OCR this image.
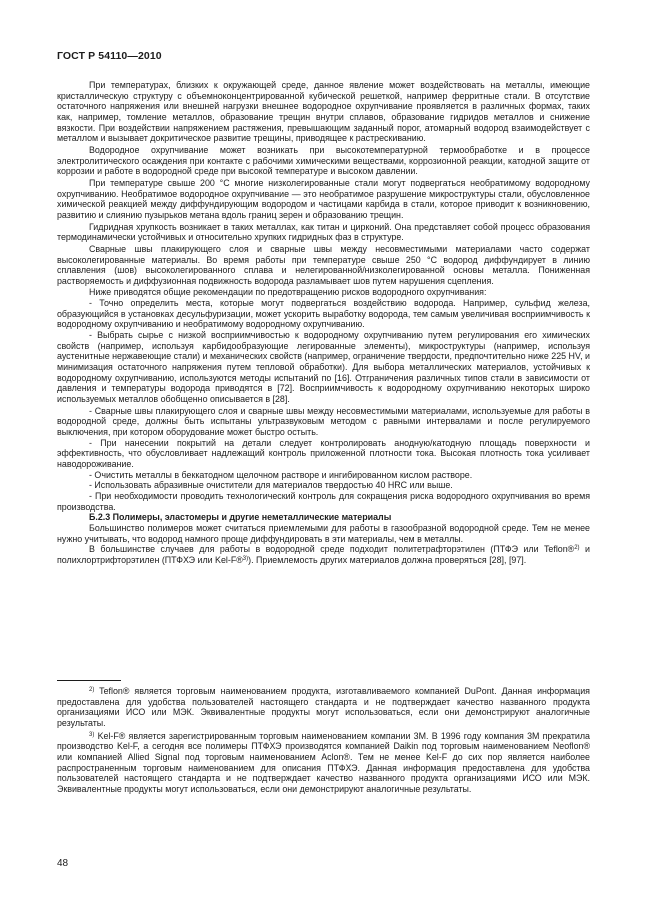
ГОСТ Р 54110—2010

При температурах, близких к окружающей среде, данное явление может воздействовать на металлы, имеющие кристаллическую структуру с объемноконцентрированной кубической решеткой, например ферритные стали. В отсутствие остаточного напряжения или внешней нагрузки внешнее водородное охрупчивание проявляется в различных формах, таких как, например, томление металлов, образование трещин внутри сплавов, образование гидридов металлов и снижение вязкости. При воздействии напряжением растяжения, превышающим заданный порог, атомарный водород взаимодействует с металлом и вызывает докритическое развитие трещины, приводящее к растрескиванию.

Водородное охрупчивание может возникать при высокотемпературной термообработке и в процессе электролитического осаждения при контакте с рабочими химическими веществами, коррозионной реакции, катодной защите от коррозии и работе в водородной среде при высокой температуре и высоком давлении.

При температуре свыше 200 °С многие низколегированные стали могут подвергаться необратимому водородному охрупчиванию. Необратимое водородное охрупчивание — это необратимое разрушение микроструктуры стали, обусловленное химической реакцией между диффундирующим водородом и частицами карбида в стали, которое приводит к возникновению, развитию и слиянию пузырьков метана вдоль границ зерен и образованию трещин.

Гидридная хрупкость возникает в таких металлах, как титан и цирконий. Она представляет собой процесс образования термодинамически устойчивых и относительно хрупких гидридных фаз в структуре.

Сварные швы плакирующего слоя и сварные швы между несовместимыми материалами часто содержат высоколегированные материалы. Во время работы при температуре свыше 250 °С водород диффундирует в линию сплавления (шов) высоколегированного сплава и нелегированной/низколегированной основы металла. Пониженная растворяемость и диффузионная подвижность водорода разламывает шов путем нарушения сцепления.

Ниже приводятся общие рекомендации по предотвращению рисков водородного охрупчивания:

- Точно определить места, которые могут подвергаться воздействию водорода. Например, сульфид железа, образующийся в установках десульфуризации, может ускорить выработку водорода, тем самым увеличивая восприимчивость к водородному охрупчиванию и необратимому водородному охрупчиванию.

- Выбрать сырье с низкой восприимчивостью к водородному охрупчиванию путем регулирования его химических свойств (например, используя карбидообразующие легированные элементы), микроструктуры (например, используя аустенитные нержавеющие стали) и механических свойств (например, ограничение твердости, предпочтительно ниже 225 HV, и минимизация остаточного напряжения путем тепловой обработки). Для выбора металлических материалов, устойчивых к водородному охрупчиванию, используются методы испытаний по [16]. Отграничения различных типов стали в зависимости от давления и температуры водорода приводятся в [72]. Восприимчивость к водородному охрупчиванию некоторых широко используемых металлов обобщенно описывается в [28].

- Сварные швы плакирующего слоя и сварные швы между несовместимыми материалами, используемые для работы в водородной среде, должны быть испытаны ультразвуковым методом с равными интервалами и после регулируемого выключения, при котором оборудование может быстро остыть.

- При нанесении покрытий на детали следует контролировать анодную/катодную площадь поверхности и эффективность, что обусловливает надлежащий контроль приложенной плотности тока. Высокая плотность тока усиливает наводороживание.

- Очистить металлы в беккатодном щелочном растворе и ингибированном кислом растворе.

- Использовать абразивные очистители для материалов твердостью 40 HRC или выше.

- При необходимости проводить технологический контроль для сокращения риска водородного охрупчивания во время производства.

Б.2.3 Полимеры, эластомеры и другие неметаллические материалы

Большинство полимеров может считаться приемлемыми для работы в газообразной водородной среде. Тем не менее нужно учитывать, что водород намного проще диффундировать в эти материалы, чем в металлы.

В большинстве случаев для работы в водородной среде подходит политетрафторэтилен (ПТФЭ или Teflon®$^{2)}$ и полихлортрифторэтилен (ПТФХЭ или Kel-F®$^{3)}$). Приемлемость других материалов должна проверяться [28], [97].

$^{2)}$ Teflon® является торговым наименованием продукта, изготавливаемого компанией DuPont. Данная информация предоставлена для удобства пользователей настоящего стандарта и не подтверждает качество названного продукта организациями ИСО или МЭК. Эквивалентные продукты могут использоваться, если они демонстрируют аналогичные результаты.

$^{3)}$ Kel-F® является зарегистрированным торговым наименованием компании 3М. В 1996 году компания 3М прекратила производство Kel-F, а сегодня все полимеры ПТФХЭ производятся компанией Daikin под торговым наименованием Neoflon® или компанией Allied Signal под торговым наименованием Aclon®. Тем не менее Kel-F до сих пор является наиболее распространенным торговым наименованием для описания ПТФХЭ. Данная информация предоставлена для удобства пользователей настоящего стандарта и не подтверждает качество названного продукта организациями ИСО или МЭК. Эквивалентные продукты могут использоваться, если они демонстрируют аналогичные результаты.

48
